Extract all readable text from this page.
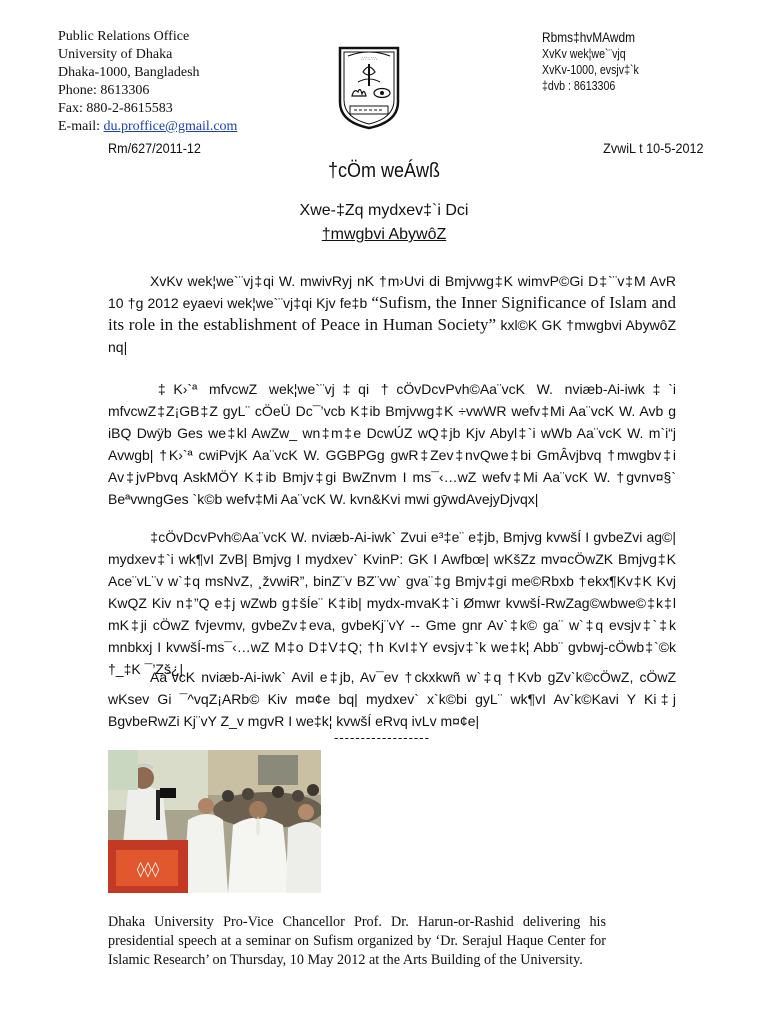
Public Relations Office
University of Dhaka
Dhaka-1000, Bangladesh
Phone: 8613306
Fax: 880-2-8615583
E-mail: du.proffice@gmail.com
∴∵∴∵∴
Rbms‡hvMAwdm
XvKv wek¦we`¨vjq
XvKv-1000, evsjv‡`k
‡dvb : 8613306
Rm/627/2011-12	ZvwiL t 10-5-2012
†cÖm weÁwß
Xwe-‡Zq mydxev‡`i Dci
†mwgbvi AbywôZ
XvKv wek¦we`¨vj‡qi W. mwivRyj nK †m›Uvi di Bmjvwg‡K wimvP©Gi D‡`¨v‡M AvR 10 †g 2012 eyaevi wek¦we`¨vj‡qi Kjv fe‡b “Sufism, the Inner Significance of Islam and its role in the establishment of Peace in Human Society” kxl©K GK †mwgbvi AbywôZ nq|
‡K›`ª mfvcwZ wek¦we`¨vj‡qi †cÖvDcvPvh©Aa¨vcK W. nviæb-Ai-iwk‡`i mfvcwZ‡Z¡GB‡Z gyL¨ cÖeÜ Dc¯’vcb K‡ib Bmjvwg‡K ÷vwWR wefv‡Mi Aa¨vcK W. Avb g iBQ Dwÿb Ges we‡kl AwZw_ wn‡m‡e DcwÚZ wQ‡jb Kjv Abyl‡`i wWb Aa¨vcK W. m`i“j Avwgb| †K›`ª cwiPvjK Aa¨vcK W. GGBPGg gwR‡Zev‡nvQwe‡bi GmÂvjbvq †mwgbv‡i Av‡jvPbvq AskMÖY K‡ib Bmjv‡gi BwZnvm I ms¯‹…wZ wefv‡Mi Aa¨vcK W. †gvnv¤§` BeªvwngGes `k©b wefv‡Mi Aa¨vcK W. kvn&Kvi mwi gȳwdAvejyDjvqx|
‡cÖvDcvPvh©Aa¨vcK W. nviæb-Ai-iwk` Zvui e³‡e¨ e‡jb, Bmjvg kvwšÍ I gvbeZvi ag©| mydxev‡`i wk¶vI ZvB| Bmjvg I mydxev` KvinP: GK I Awfbœ| wKšZz mv¤cÖwZK Bmjvg‡K Ace¨vL¨v w`‡q msNvZ, ¸žvwiR”, binZ¨v BZ¨vw` gva¨‡g Bmjv‡gi me©Rbxb †ekx¶Kv‡K Kvj KwQZ Kiv n‡”Q e‡j wZwb g‡šÍe¨ K‡ib| mydx-mvaK‡`i Ømwr kvwšÍ-RwZag©wbwe©‡k‡l mK‡ji cÖwZ fvjevmv, gvbeZv‡eva, gvbeKj¨vY -- Gme gnr Av`‡k© ga¨ w`‡q evsjv‡`‡k mnbkxj I kvwšÍ-ms¯‹…wZ M‡o D‡V‡Q; †h KvI‡Y evsjv‡`k we‡k¦ Abb¨ gvbwj-cÖwb‡`©k †_‡K ¯’Zš¿|
Aa¨vcK nviæb-Ai-iwk` Avil e‡jb, Av¯ev †ckxkwñ w`‡q †Kvb gZv`k©cÖwZ, cÖwZ wKsev Gi ¯^vqZ¡ARb© Kiv m¤¢e bq| mydxev` x`k©bi gyL¨ wk¶vI Av`k©Kavi Y Ki‡j BgvbeRwZi Kj¨vY Z_v mgvR I we‡k¦ kvwšÍ eRvq ivLv m¤¢e|
------------------
◊◊◊
Dhaka University Pro-Vice Chancellor Prof. Dr. Harun-or-Rashid delivering his presidential speech at a seminar on Sufism organized by ‘Dr. Serajul Haque Center for Islamic Research’ on Thursday, 10 May 2012 at the Arts Building of the University.
